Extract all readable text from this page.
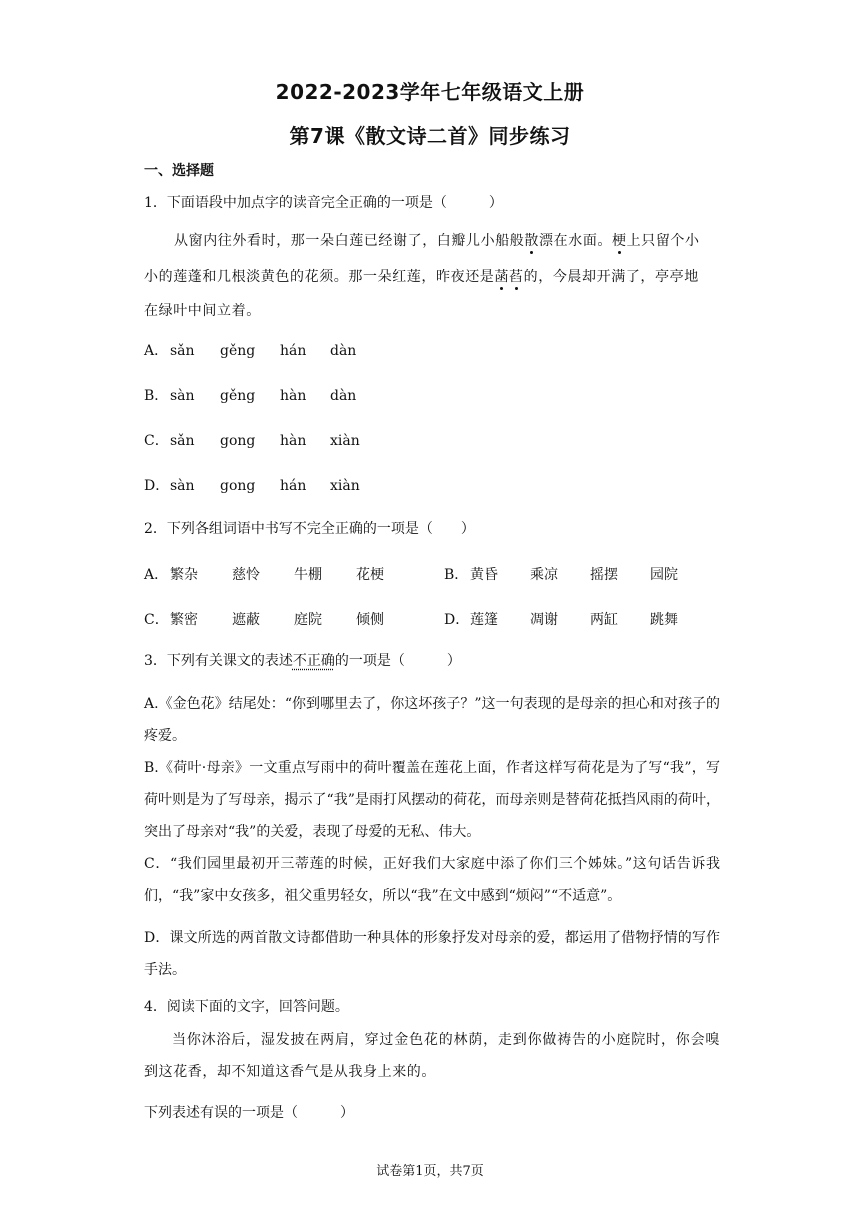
2022-2023学年七年级语文上册
第7课《散文诗二首》同步练习
一、选择题
1．下面语段中加点字的读音完全正确的一项是（　　　）
从窗内往外看时，那一朵白莲已经谢了，白瓣儿小船般散漂在水面。梗上只留个小
小的莲蓬和几根淡黄色的花须。那一朵红莲，昨夜还是菡萏的，今晨却开满了，亭亭地
在绿叶中间立着。
A． sǎn gěng hán dàn
B． sàn gěng hàn dàn
C．sǎn gong hàn xiàn
D．sàn gong hán xiàn
2．下列各组词语中书写不完全正确的一项是（　　）
A． 繁杂 慈怜 牛棚 花梗	B． 黄昏 乘凉 摇摆 园院
C．繁密 遮蔽 庭院 倾侧	D．莲篷 凋谢 两缸 跳舞
3．下列有关课文的表述不正确的一项是（　　　）
A.《金色花》结尾处：“你到哪里去了，你这坏孩子？”这一句表现的是母亲的担心和对孩子的疼爱。
B.《荷叶·母亲》一文重点写雨中的荷叶覆盖在莲花上面，作者这样写荷花是为了写“我”，写荷叶则是为了写母亲，揭示了“我”是雨打风摆动的荷花，而母亲则是替荷花抵挡风雨的荷叶，突出了母亲对“我”的关爱，表现了母爱的无私、伟大。
C．“我们园里最初开三蒂莲的时候，正好我们大家庭中添了你们三个姊妹。”这句话告诉我们，“我”家中女孩多，祖父重男轻女，所以“我”在文中感到“烦闷”“不适意”。
D．课文所选的两首散文诗都借助一种具体的形象抒发对母亲的爱，都运用了借物抒情的写作手法。
4．阅读下面的文字，回答问题。
当你沐浴后，湿发披在两肩，穿过金色花的林荫，走到你做祷告的小庭院时，你会嗅到这花香，却不知道这香气是从我身上来的。
下列表述有误的一项是（　　　）
试卷第1页，共7页
